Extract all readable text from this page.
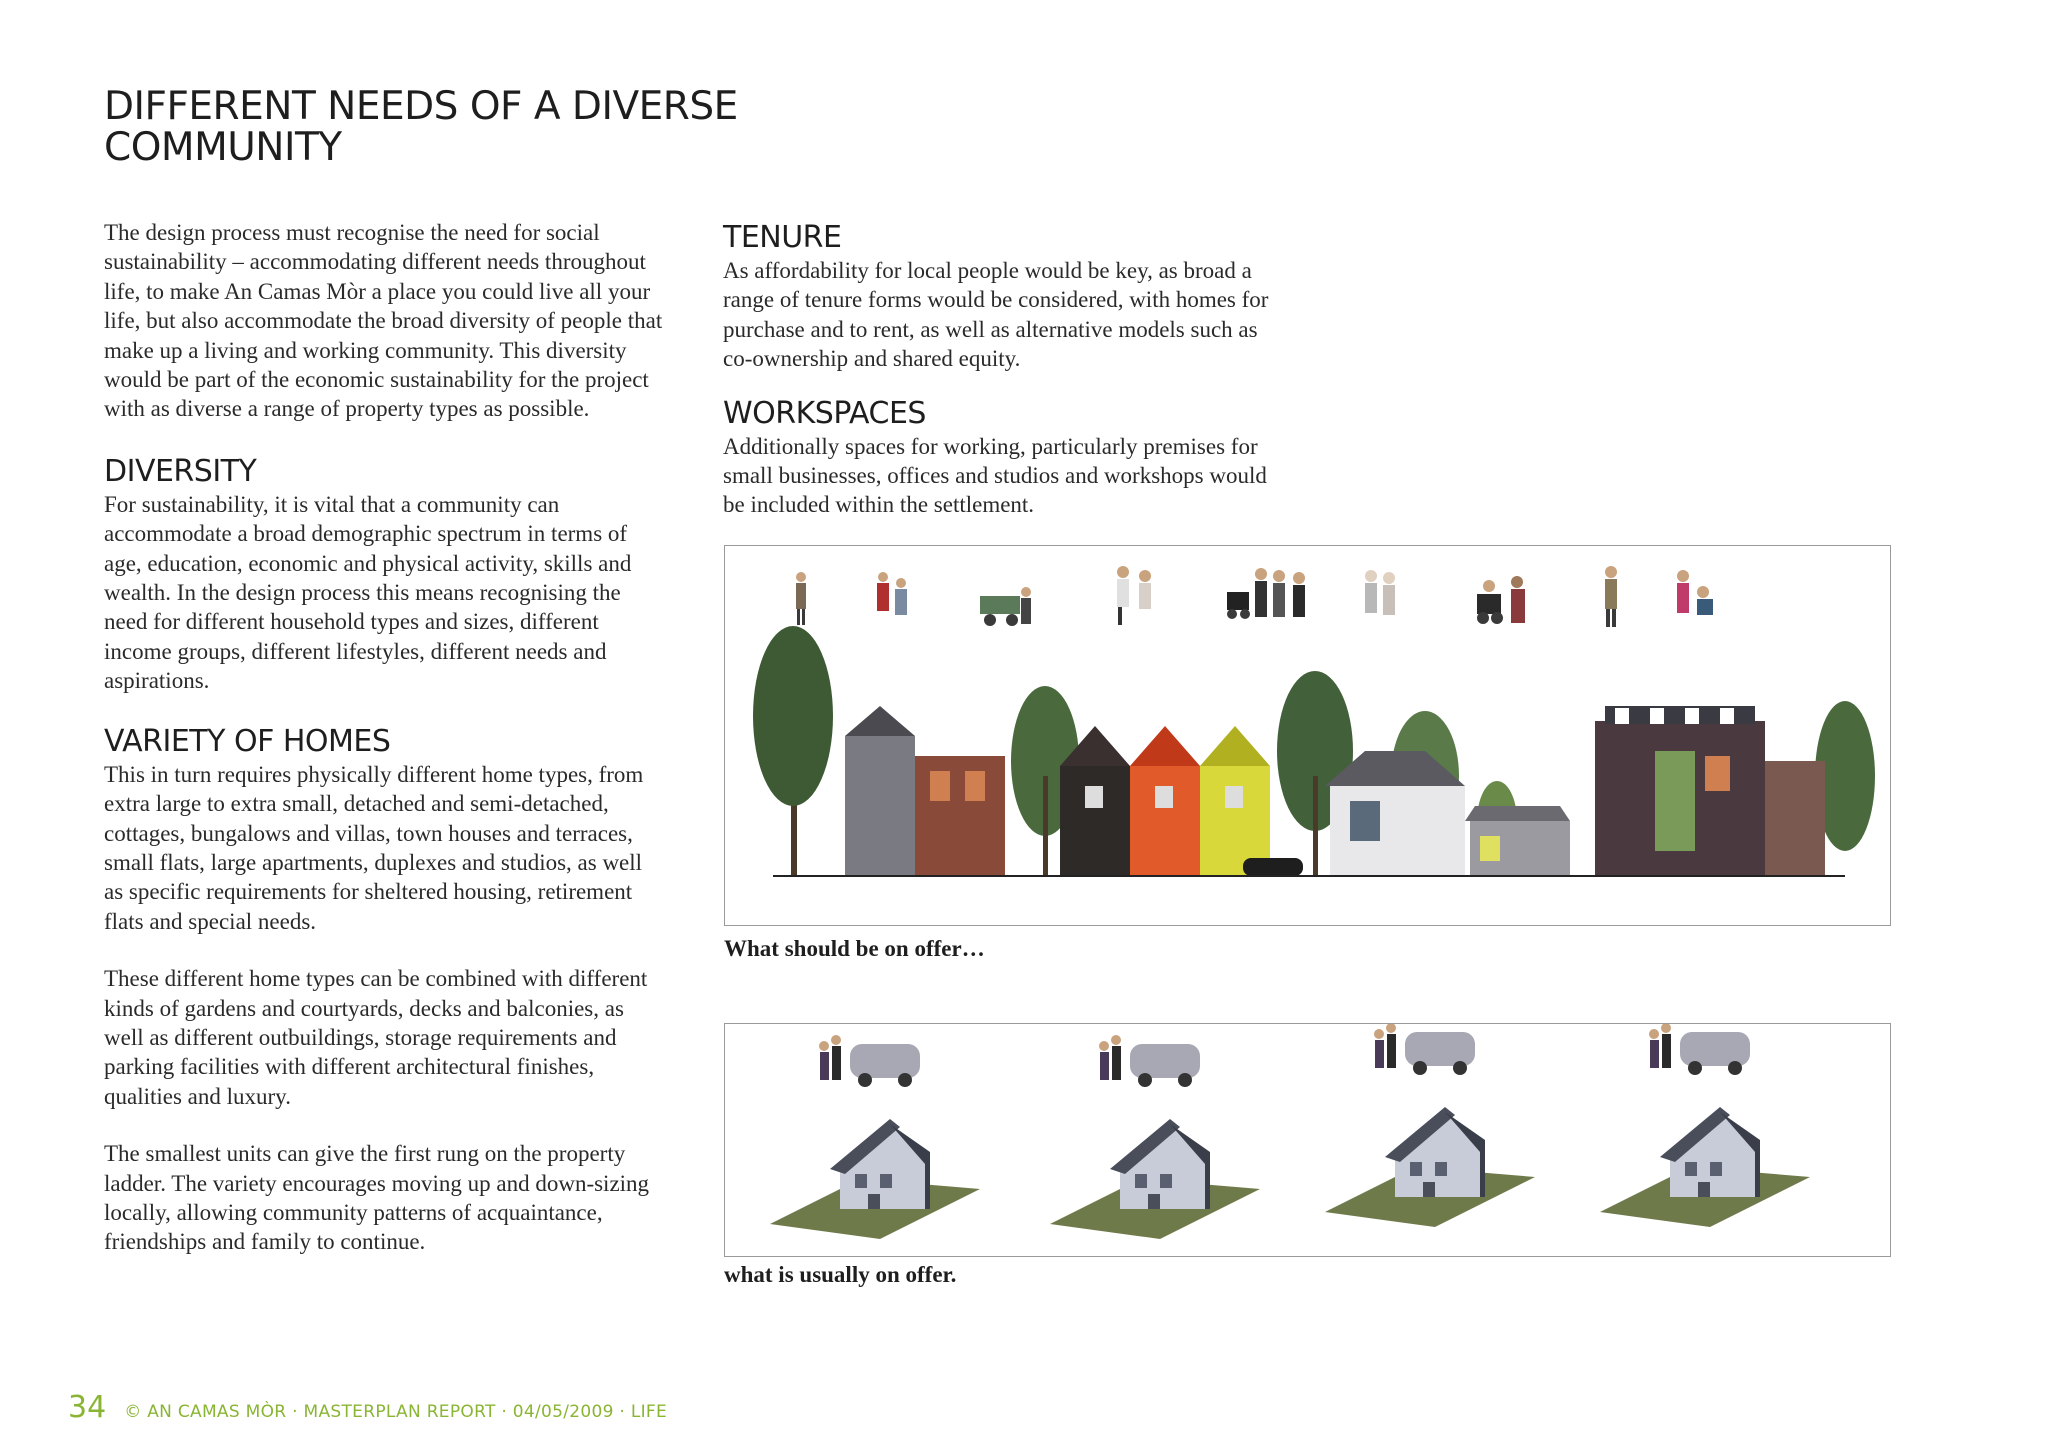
DIFFERENT NEEDS OF A DIVERSE COMMUNITY

The design process must recognise the need for social sustainability – accommodating different needs throughout life, to make An Camas Mòr a place you could live all your life, but also accommodate the broad diversity of people that make up a living and working community. This diversity would be part of the economic sustainability for the project with as diverse a range of property types as possible.

DIVERSITY

For sustainability, it is vital that a community can accommodate a broad demographic spectrum in terms of age, education, economic and physical activity, skills and wealth. In the design process this means recognising the need for different household types and sizes, different income groups, different lifestyles, different needs and aspirations.

VARIETY OF HOMES

This in turn requires physically different home types, from extra large to extra small, detached and semi-detached, cottages, bungalows and villas, town houses and terraces, small flats, large apartments, duplexes and studios, as well as specific requirements for sheltered housing, retirement flats and special needs.

These different home types can be combined with different kinds of gardens and courtyards, decks and balconies, as well as different outbuildings, storage requirements and parking facilities with different architectural finishes, qualities and luxury.

The smallest units can give the first rung on the property ladder. The variety encourages moving up and down-sizing locally, allowing community patterns of acquaintance, friendships and family to continue.

TENURE

As affordability for local people would be key, as broad a range of tenure forms would be considered, with homes for purchase and to rent, as well as alternative models such as co-ownership and shared equity.

WORKSPACES

Additionally spaces for working, particularly premises for small businesses, offices and studios and workshops would be included within the settlement.

What should be on offer…
what is usually on offer.
34 © AN CAMAS MÒR · MASTERPLAN REPORT · 04/05/2009 · LIFE
